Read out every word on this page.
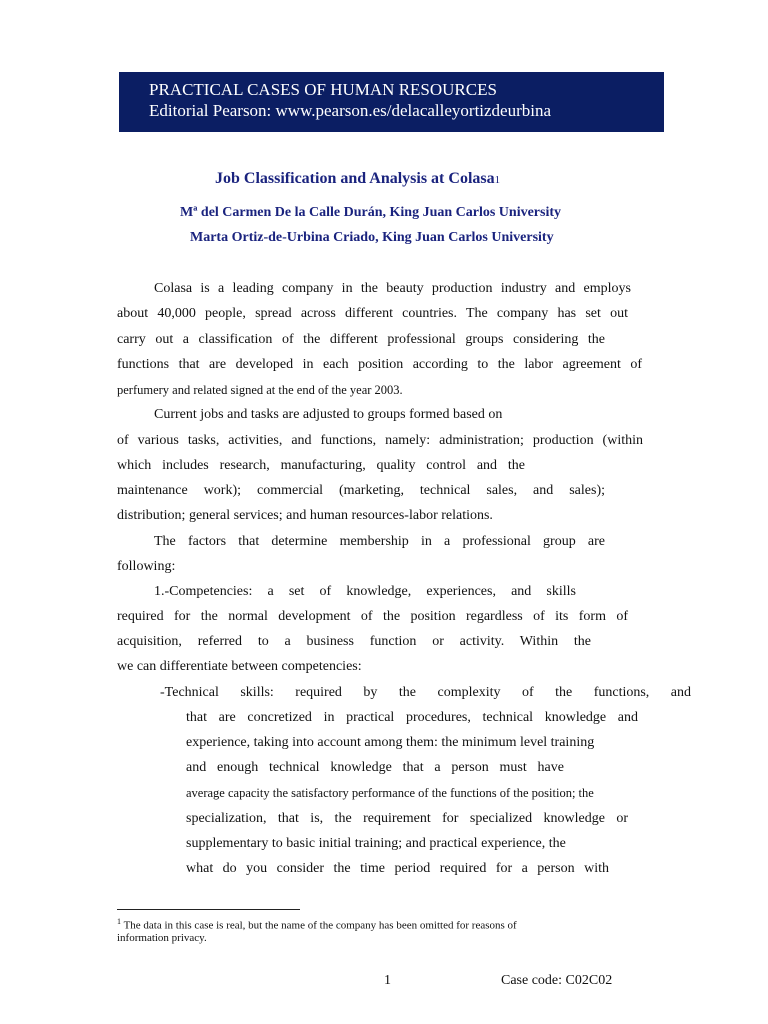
PRACTICAL CASES OF HUMAN RESOURCES
Editorial Pearson: www.pearson.es/delacalleyortizdeurbina
Job Classification and Analysis at Colasa1
Mª del Carmen De la Calle Durán, King Juan Carlos University
Marta Ortiz-de-Urbina Criado, King Juan Carlos University
Colasa is a leading company in the beauty production industry and employs
about 40,000 people, spread across different countries. The company has set out
carry out a classification of the different professional groups considering the
functions that are developed in each position according to the labor agreement of
perfumery and related signed at the end of the year 2003.
Current jobs and tasks are adjusted to groups formed based on
of various tasks, activities, and functions, namely: administration; production (within
which includes research, manufacturing, quality control and the
maintenance work); commercial (marketing, technical sales, and sales);
distribution; general services; and human resources-labor relations.
The factors that determine membership in a professional group are
following:
1.-Competencies: a set of knowledge, experiences, and skills
required for the normal development of the position regardless of its form of
acquisition, referred to a business function or activity. Within the
we can differentiate between competencies:
-Technical skills: required by the complexity of the functions, and
that are concretized in practical procedures, technical knowledge and
experience, taking into account among them: the minimum level training
and enough technical knowledge that a person must have
average capacity the satisfactory performance of the functions of the position; the
specialization, that is, the requirement for specialized knowledge or
supplementary to basic initial training; and practical experience, the
what do you consider the time period required for a person with
$^1$ The data in this case is real, but the name of the company has been omitted for reasons of
information privacy.
1	Case code: C02C02
